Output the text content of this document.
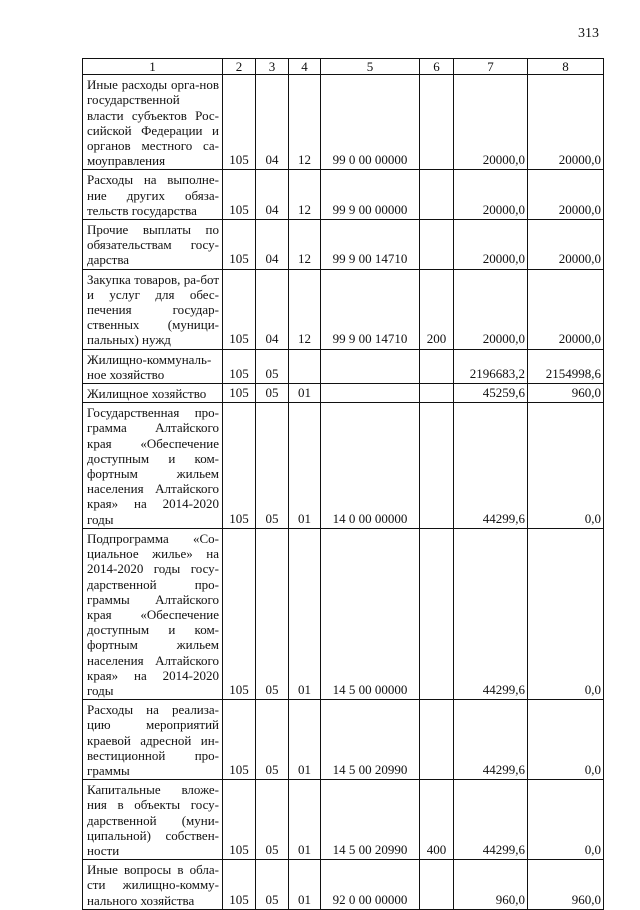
313
1	2	3	4	5	6	7	8
Иные расходы орга-нов государственной власти субъектов Рос-сийской Федерации и органов местного са-моуправления	105	04	12	99 0 00 00000		20000,0	20000,0
Расходы на выполне-ние других обяза-тельств государства	105	04	12	99 9 00 00000		20000,0	20000,0
Прочие выплаты по обязательствам госу-дарства	105	04	12	99 9 00 14710		20000,0	20000,0
Закупка товаров, ра-бот и услуг для обес-печения государ-ственных (муници-пальных) нужд	105	04	12	99 9 00 14710	200	20000,0	20000,0
Жилищно-коммуналь-ное хозяйство	105	05				2196683,2	2154998,6
Жилищное хозяйство	105	05	01			45259,6	960,0
Государственная про-грамма Алтайского края «Обеспечение доступным и ком-фортным жильем населения Алтайского края» на 2014-2020 годы	105	05	01	14 0 00 00000		44299,6	0,0
Подпрограмма «Со-циальное жилье» на 2014-2020 годы госу-дарственной про-граммы Алтайского края «Обеспечение доступным и ком-фортным жильем населения Алтайского края» на 2014-2020 годы	105	05	01	14 5 00 00000		44299,6	0,0
Расходы на реализа-цию мероприятий краевой адресной ин-вестиционной про-граммы	105	05	01	14 5 00 20990		44299,6	0,0
Капитальные вложе-ния в объекты госу-дарственной (муни-ципальной) собствен-ности	105	05	01	14 5 00 20990	400	44299,6	0,0
Иные вопросы в обла-сти жилищно-комму-нального хозяйства	105	05	01	92 0 00 00000		960,0	960,0
